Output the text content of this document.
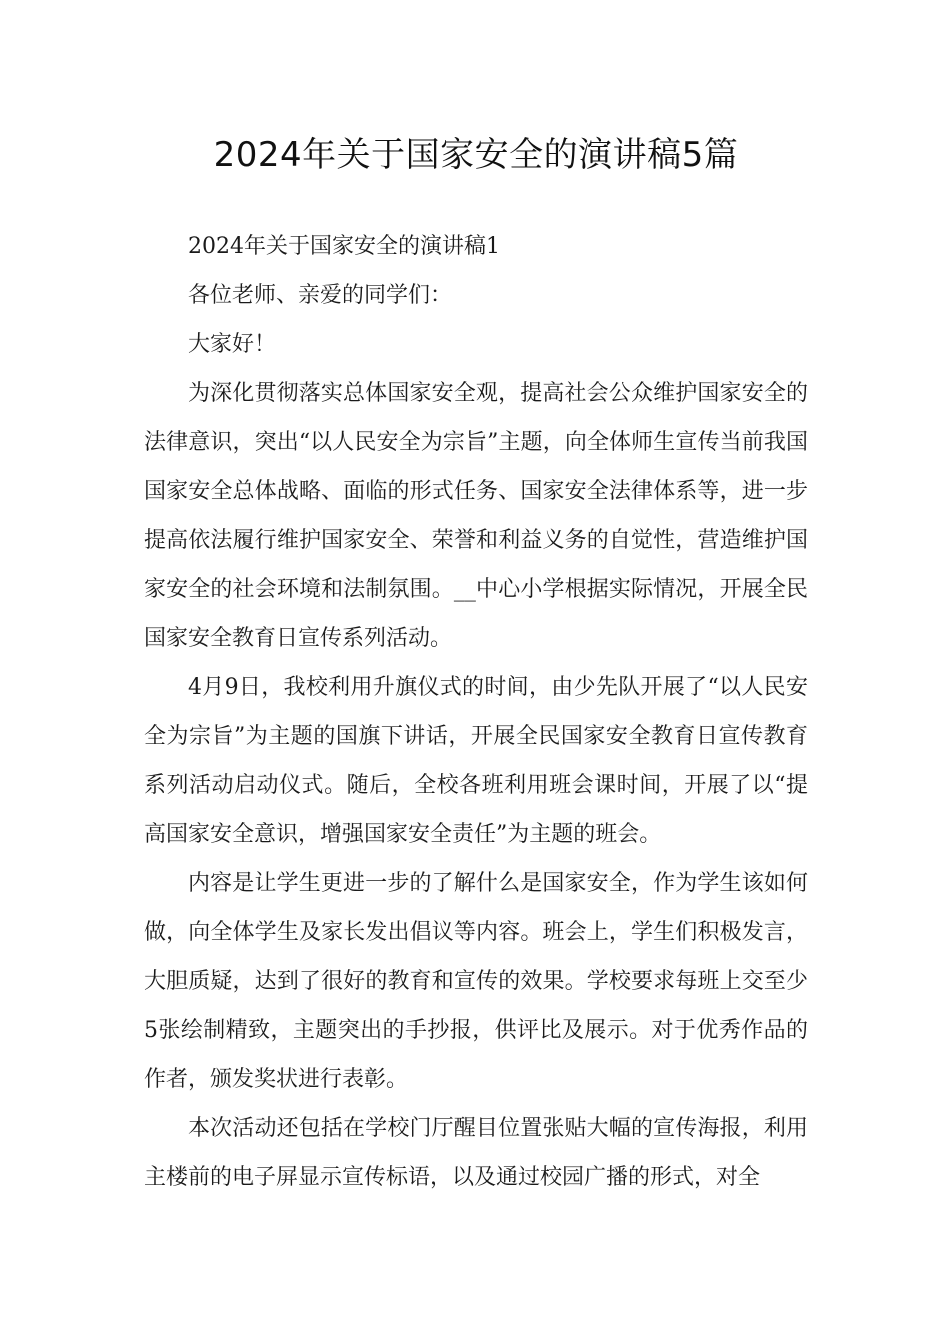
2024年关于国家安全的演讲稿5篇

2024年关于国家安全的演讲稿1

各位老师、亲爱的同学们：

大家好！

为深化贯彻落实总体国家安全观，提高社会公众维护国家安全的法律意识，突出“以人民安全为宗旨”主题，向全体师生宣传当前我国国家安全总体战略、面临的形式任务、国家安全法律体系等，进一步提高依法履行维护国家安全、荣誉和利益义务的自觉性，营造维护国家安全的社会环境和法制氛围。__中心小学根据实际情况，开展全民国家安全教育日宣传系列活动。

4月9日，我校利用升旗仪式的时间，由少先队开展了“以人民安全为宗旨”为主题的国旗下讲话，开展全民国家安全教育日宣传教育系列活动启动仪式。随后，全校各班利用班会课时间，开展了以“提高国家安全意识，增强国家安全责任”为主题的班会。

内容是让学生更进一步的了解什么是国家安全，作为学生该如何做，向全体学生及家长发出倡议等内容。班会上，学生们积极发言，大胆质疑，达到了很好的教育和宣传的效果。学校要求每班上交至少5张绘制精致，主题突出的手抄报，供评比及展示。对于优秀作品的作者，颁发奖状进行表彰。

本次活动还包括在学校门厅醒目位置张贴大幅的宣传海报，利用主楼前的电子屏显示宣传标语，以及通过校园广播的形式，对全
